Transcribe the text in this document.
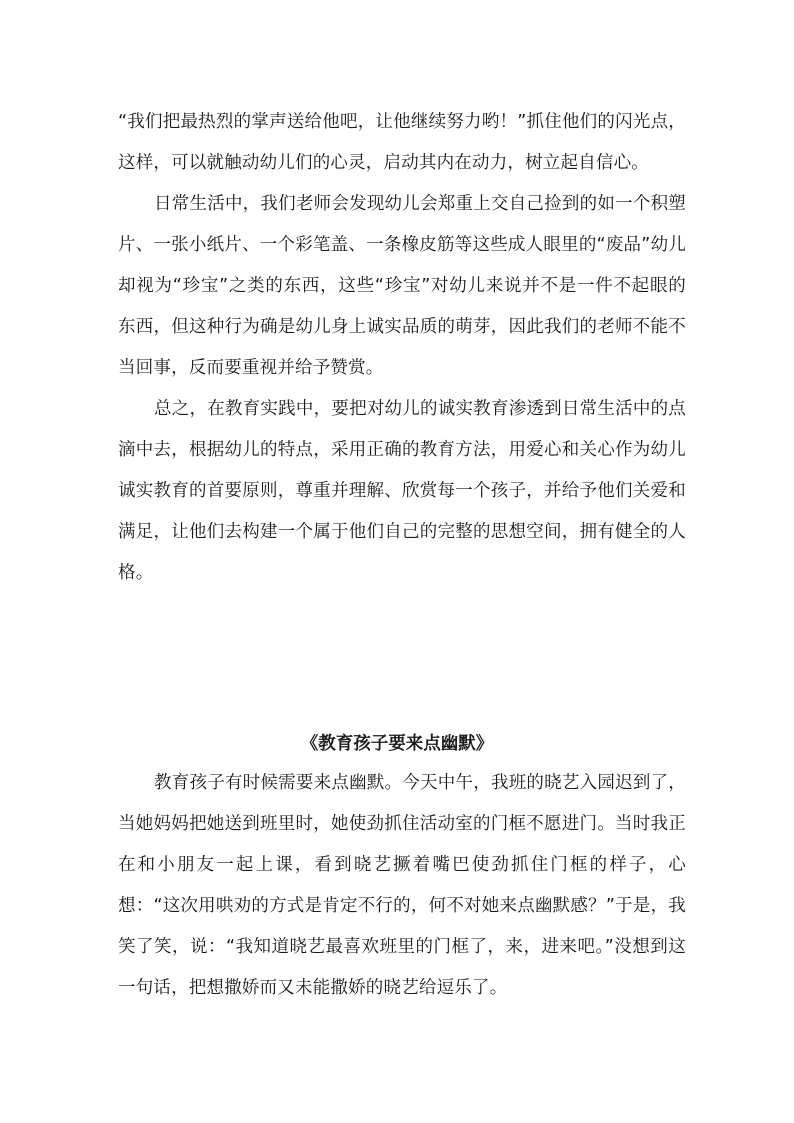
“我们把最热烈的掌声送给他吧，让他继续努力哟！”抓住他们的闪光点，这样，可以就触动幼儿们的心灵，启动其内在动力，树立起自信心。

日常生活中，我们老师会发现幼儿会郑重上交自己捡到的如一个积塑片、一张小纸片、一个彩笔盖、一条橡皮筋等这些成人眼里的“废品”幼儿却视为“珍宝”之类的东西，这些“珍宝”对幼儿来说并不是一件不起眼的东西，但这种行为确是幼儿身上诚实品质的萌芽，因此我们的老师不能不当回事，反而要重视并给予赞赏。

总之，在教育实践中，要把对幼儿的诚实教育渗透到日常生活中的点滴中去，根据幼儿的特点，采用正确的教育方法，用爱心和关心作为幼儿诚实教育的首要原则，尊重并理解、欣赏每一个孩子，并给予他们关爱和满足，让他们去构建一个属于他们自己的完整的思想空间，拥有健全的人格。

《教育孩子要来点幽默》

教育孩子有时候需要来点幽默。今天中午，我班的晓艺入园迟到了，当她妈妈把她送到班里时，她使劲抓住活动室的门框不愿进门。当时我正在和小朋友一起上课，看到晓艺撅着嘴巴使劲抓住门框的样子，心想：“这次用哄劝的方式是肯定不行的，何不对她来点幽默感？”于是，我笑了笑，说：“我知道晓艺最喜欢班里的门框了，来，进来吧。”没想到这一句话，把想撒娇而又未能撒娇的晓艺给逗乐了。
